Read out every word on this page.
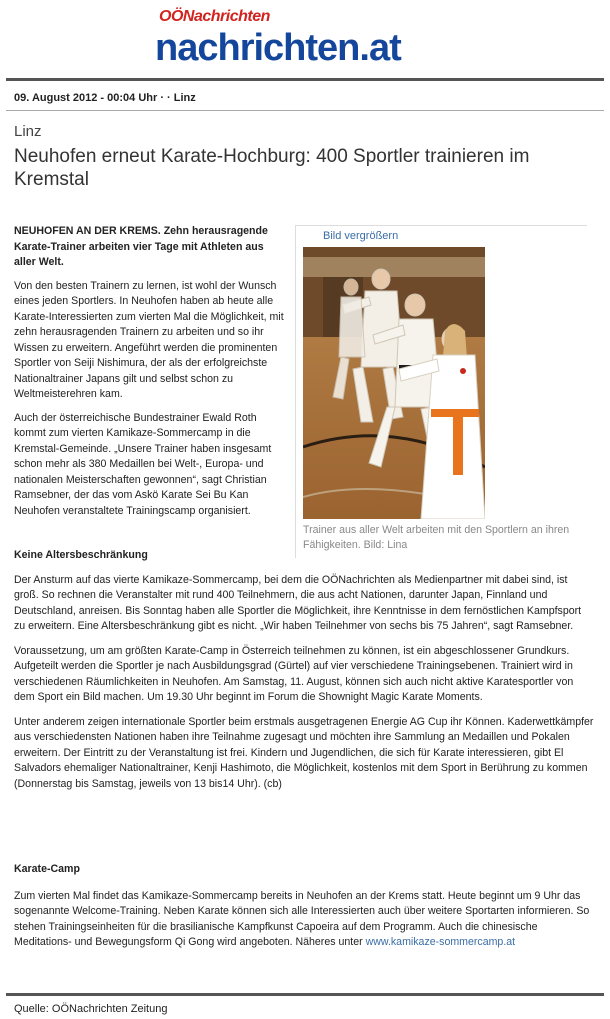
OÖNachrichten
nachrichten.at
09. August 2012 - 00:04 Uhr · · Linz
Linz
Neuhofen erneut Karate-Hochburg: 400 Sportler trainieren im Kremstal

NEUHOFEN AN DER KREMS. Zehn herausragende Karate-Trainer arbeiten vier Tage mit Athleten aus aller Welt.

Von den besten Trainern zu lernen, ist wohl der Wunsch eines jeden Sportlers. In Neuhofen haben ab heute alle Karate-Interessierten zum vierten Mal die Möglichkeit, mit zehn herausragenden Trainern zu arbeiten und so ihr Wissen zu erweitern. Angeführt werden die prominenten Sportler von Seiji Nishimura, der als der erfolgreichste Nationaltrainer Japans gilt und selbst schon zu Weltmeisterehren kam.

Auch der österreichische Bundestrainer Ewald Roth kommt zum vierten Kamikaze-Sommercamp in die Kremstal-Gemeinde. „Unsere Trainer haben insgesamt schon mehr als 380 Medaillen bei Welt-, Europa- und nationalen Meisterschaften gewonnen“, sagt Christian Ramsebner, der das vom Askö Karate Sei Bu Kan Neuhofen veranstaltete Trainingscamp organisiert.

Bild vergrößern
Trainer aus aller Welt arbeiten mit den Sportlern an ihren Fähigkeiten. Bild: Lina

Keine Altersbeschränkung

Der Ansturm auf das vierte Kamikaze-Sommercamp, bei dem die OÖNachrichten als Medienpartner mit dabei sind, ist groß. So rechnen die Veranstalter mit rund 400 Teilnehmern, die aus acht Nationen, darunter Japan, Finnland und Deutschland, anreisen. Bis Sonntag haben alle Sportler die Möglichkeit, ihre Kenntnisse in dem fernöstlichen Kampfsport zu erweitern. Eine Altersbeschränkung gibt es nicht. „Wir haben Teilnehmer von sechs bis 75 Jahren“, sagt Ramsebner.

Voraussetzung, um am größten Karate-Camp in Österreich teilnehmen zu können, ist ein abgeschlossener Grundkurs. Aufgeteilt werden die Sportler je nach Ausbildungsgrad (Gürtel) auf vier verschiedene Trainingsebenen. Trainiert wird in verschiedenen Räumlichkeiten in Neuhofen. Am Samstag, 11. August, können sich auch nicht aktive Karatesportler von dem Sport ein Bild machen. Um 19.30 Uhr beginnt im Forum die Shownight Magic Karate Moments.

Unter anderem zeigen internationale Sportler beim erstmals ausgetragenen Energie AG Cup ihr Können. Kaderwettkämpfer aus verschiedensten Nationen haben ihre Teilnahme zugesagt und möchten ihre Sammlung an Medaillen und Pokalen erweitern. Der Eintritt zu der Veranstaltung ist frei. Kindern und Jugendlichen, die sich für Karate interessieren, gibt El Salvadors ehemaliger Nationaltrainer, Kenji Hashimoto, die Möglichkeit, kostenlos mit dem Sport in Berührung zu kommen (Donnerstag bis Samstag, jeweils von 13 bis14 Uhr). (cb)

Karate-Camp

Zum vierten Mal findet das Kamikaze-Sommercamp bereits in Neuhofen an der Krems statt. Heute beginnt um 9 Uhr das sogenannte Welcome-Training. Neben Karate können sich alle Interessierten auch über weitere Sportarten informieren. So stehen Trainingseinheiten für die brasilianische Kampfkunst Capoeira auf dem Programm. Auch die chinesische Meditations- und Bewegungsform Qi Gong wird angeboten. Näheres unter www.kamikaze-sommercamp.at

Quelle: OÖNachrichten Zeitung
